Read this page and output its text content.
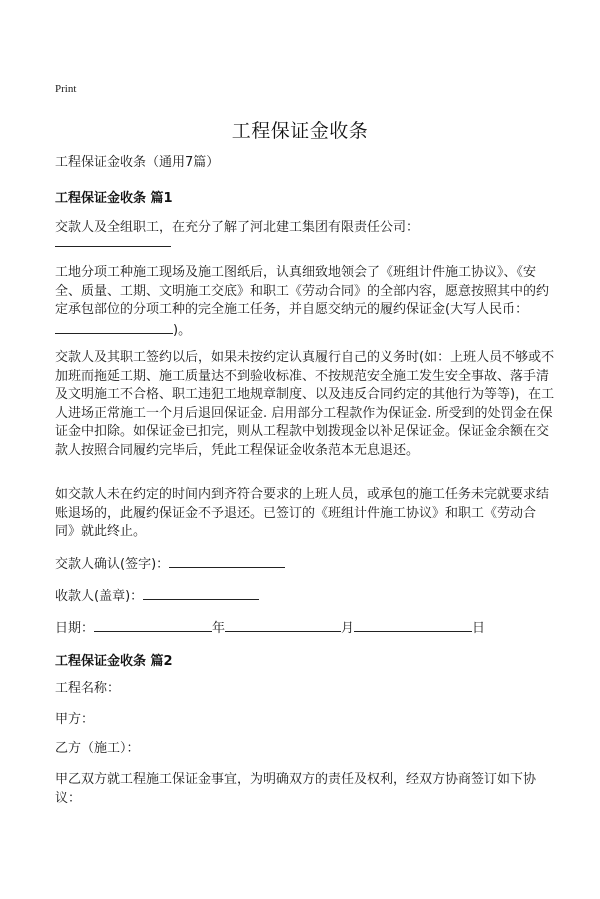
Print
工程保证金收条
工程保证金收条（通用7篇）
工程保证金收条 篇1
交款人及全组职工，在充分了解了河北建工集团有限责任公司：
工地分项工种施工现场及施工图纸后，认真细致地领会了《班组计件施工协议》、《安全、质量、工期、文明施工交底》和职工《劳动合同》的全部内容，愿意按照其中的约定承包部位的分项工种的完全施工任务，并自愿交纳元的履约保证金(大写人民币：)。
交款人及其职工签约以后，如果未按约定认真履行自己的义务时(如：上班人员不够或不加班而拖延工期、施工质量达不到验收标准、不按规范安全施工发生安全事故、落手清及文明施工不合格、职工违犯工地规章制度、以及违反合同约定的其他行为等等)，在工人进场正常施工一个月后退回保证金. 启用部分工程款作为保证金. 所受到的处罚金在保证金中扣除。如保证金已扣完，则从工程款中划拨现金以补足保证金。保证金余额在交款人按照合同履约完毕后，凭此工程保证金收条范本无息退还。
如交款人未在约定的时间内到齐符合要求的上班人员，或承包的施工任务未完就要求结账退场的，此履约保证金不予退还。已签订的《班组计件施工协议》和职工《劳动合同》就此终止。
交款人确认(签字)：
收款人(盖章)：
日期：	年	月	日
工程保证金收条 篇2
工程名称：
甲方：
乙方（施工）：
甲乙双方就工程施工保证金事宜，为明确双方的责任及权利，经双方协商签订如下协议：
